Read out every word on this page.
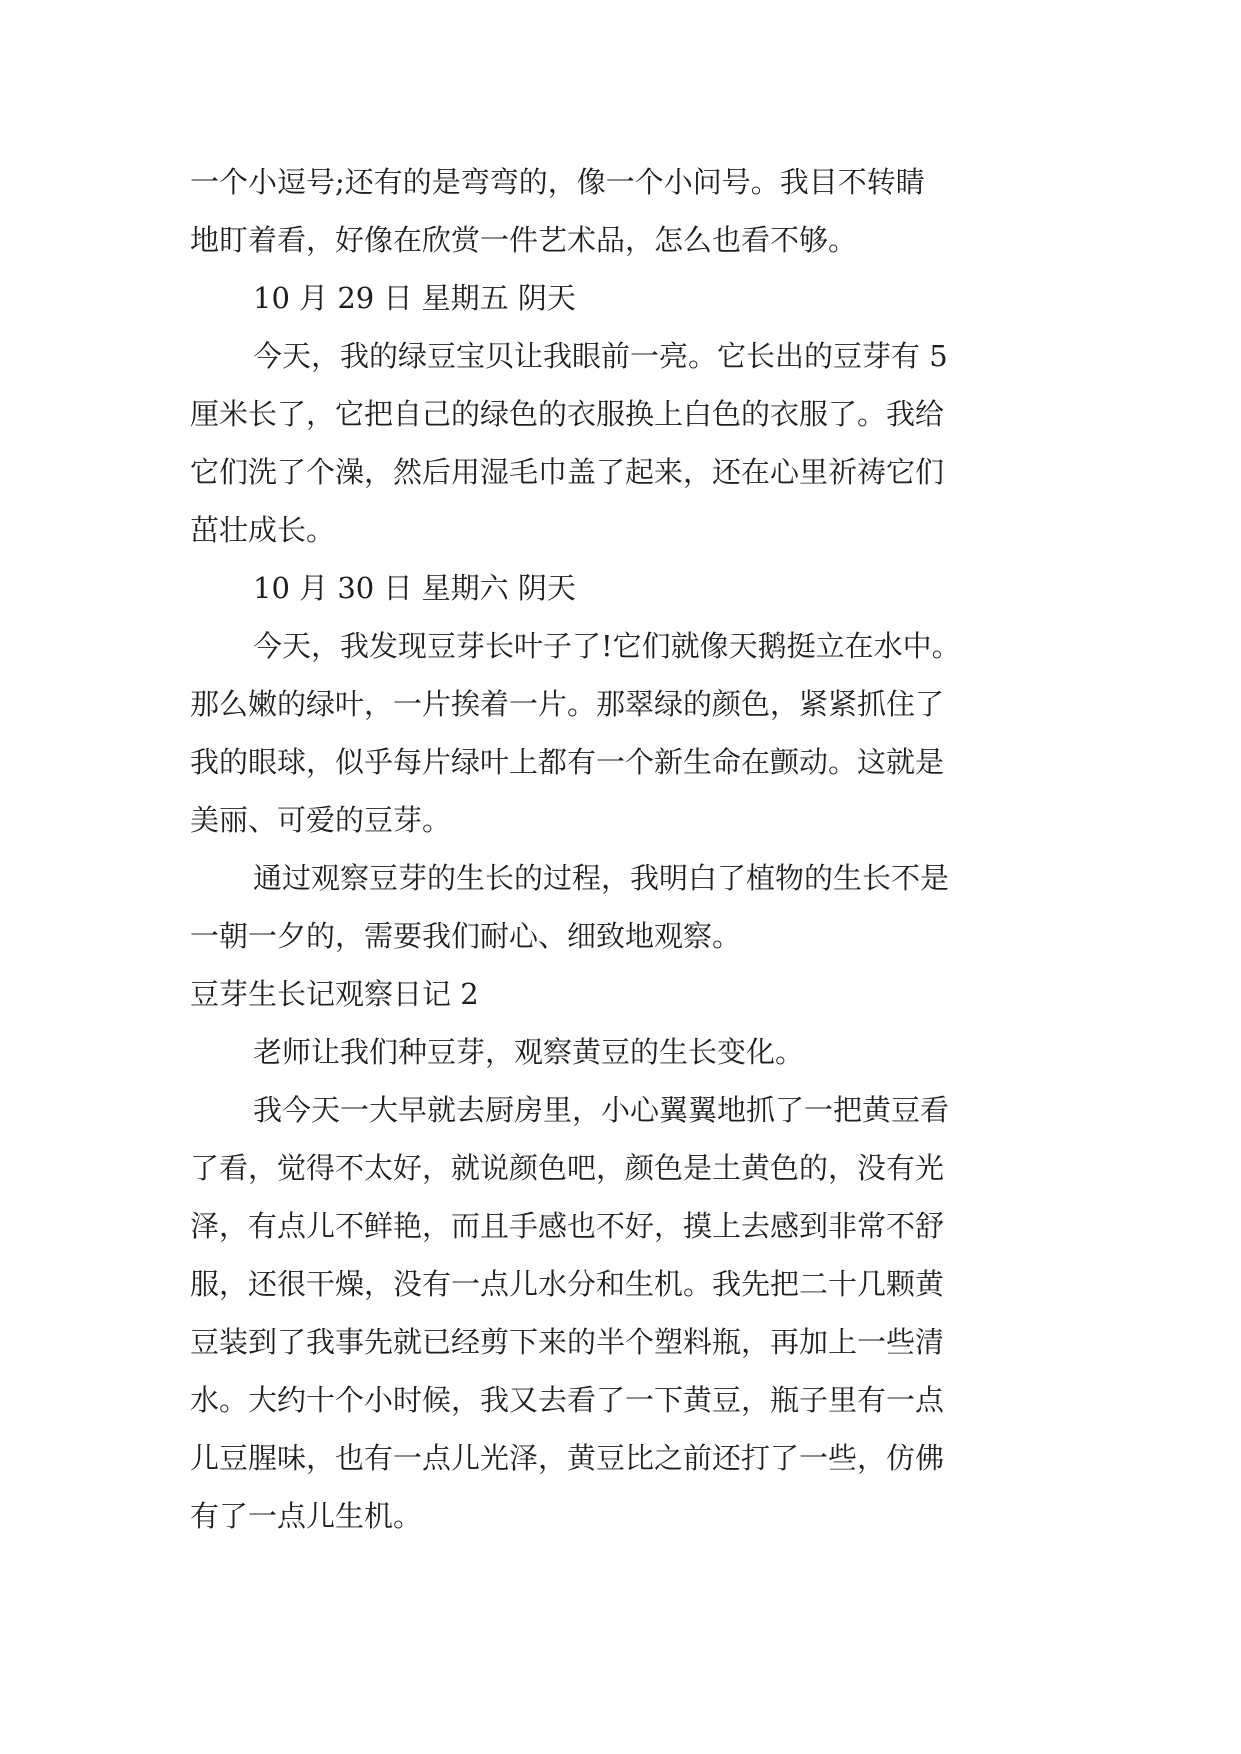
一个小逗号;还有的是弯弯的，像一个小问号。我目不转睛
地盯着看，好像在欣赏一件艺术品，怎么也看不够。
10 月 29 日 星期五 阴天
今天，我的绿豆宝贝让我眼前一亮。它长出的豆芽有 5
厘米长了，它把自己的绿色的衣服换上白色的衣服了。我给
它们洗了个澡，然后用湿毛巾盖了起来，还在心里祈祷它们
茁壮成长。
10 月 30 日 星期六 阴天
今天，我发现豆芽长叶子了!它们就像天鹅挺立在水中。
那么嫩的绿叶，一片挨着一片。那翠绿的颜色，紧紧抓住了
我的眼球，似乎每片绿叶上都有一个新生命在颤动。这就是
美丽、可爱的豆芽。
通过观察豆芽的生长的过程，我明白了植物的生长不是
一朝一夕的，需要我们耐心、细致地观察。
豆芽生长记观察日记 2
老师让我们种豆芽，观察黄豆的生长变化。
我今天一大早就去厨房里，小心翼翼地抓了一把黄豆看
了看，觉得不太好，就说颜色吧，颜色是土黄色的，没有光
泽，有点儿不鲜艳，而且手感也不好，摸上去感到非常不舒
服，还很干燥，没有一点儿水分和生机。我先把二十几颗黄
豆装到了我事先就已经剪下来的半个塑料瓶，再加上一些清
水。大约十个小时候，我又去看了一下黄豆，瓶子里有一点
儿豆腥味，也有一点儿光泽，黄豆比之前还打了一些，仿佛
有了一点儿生机。
